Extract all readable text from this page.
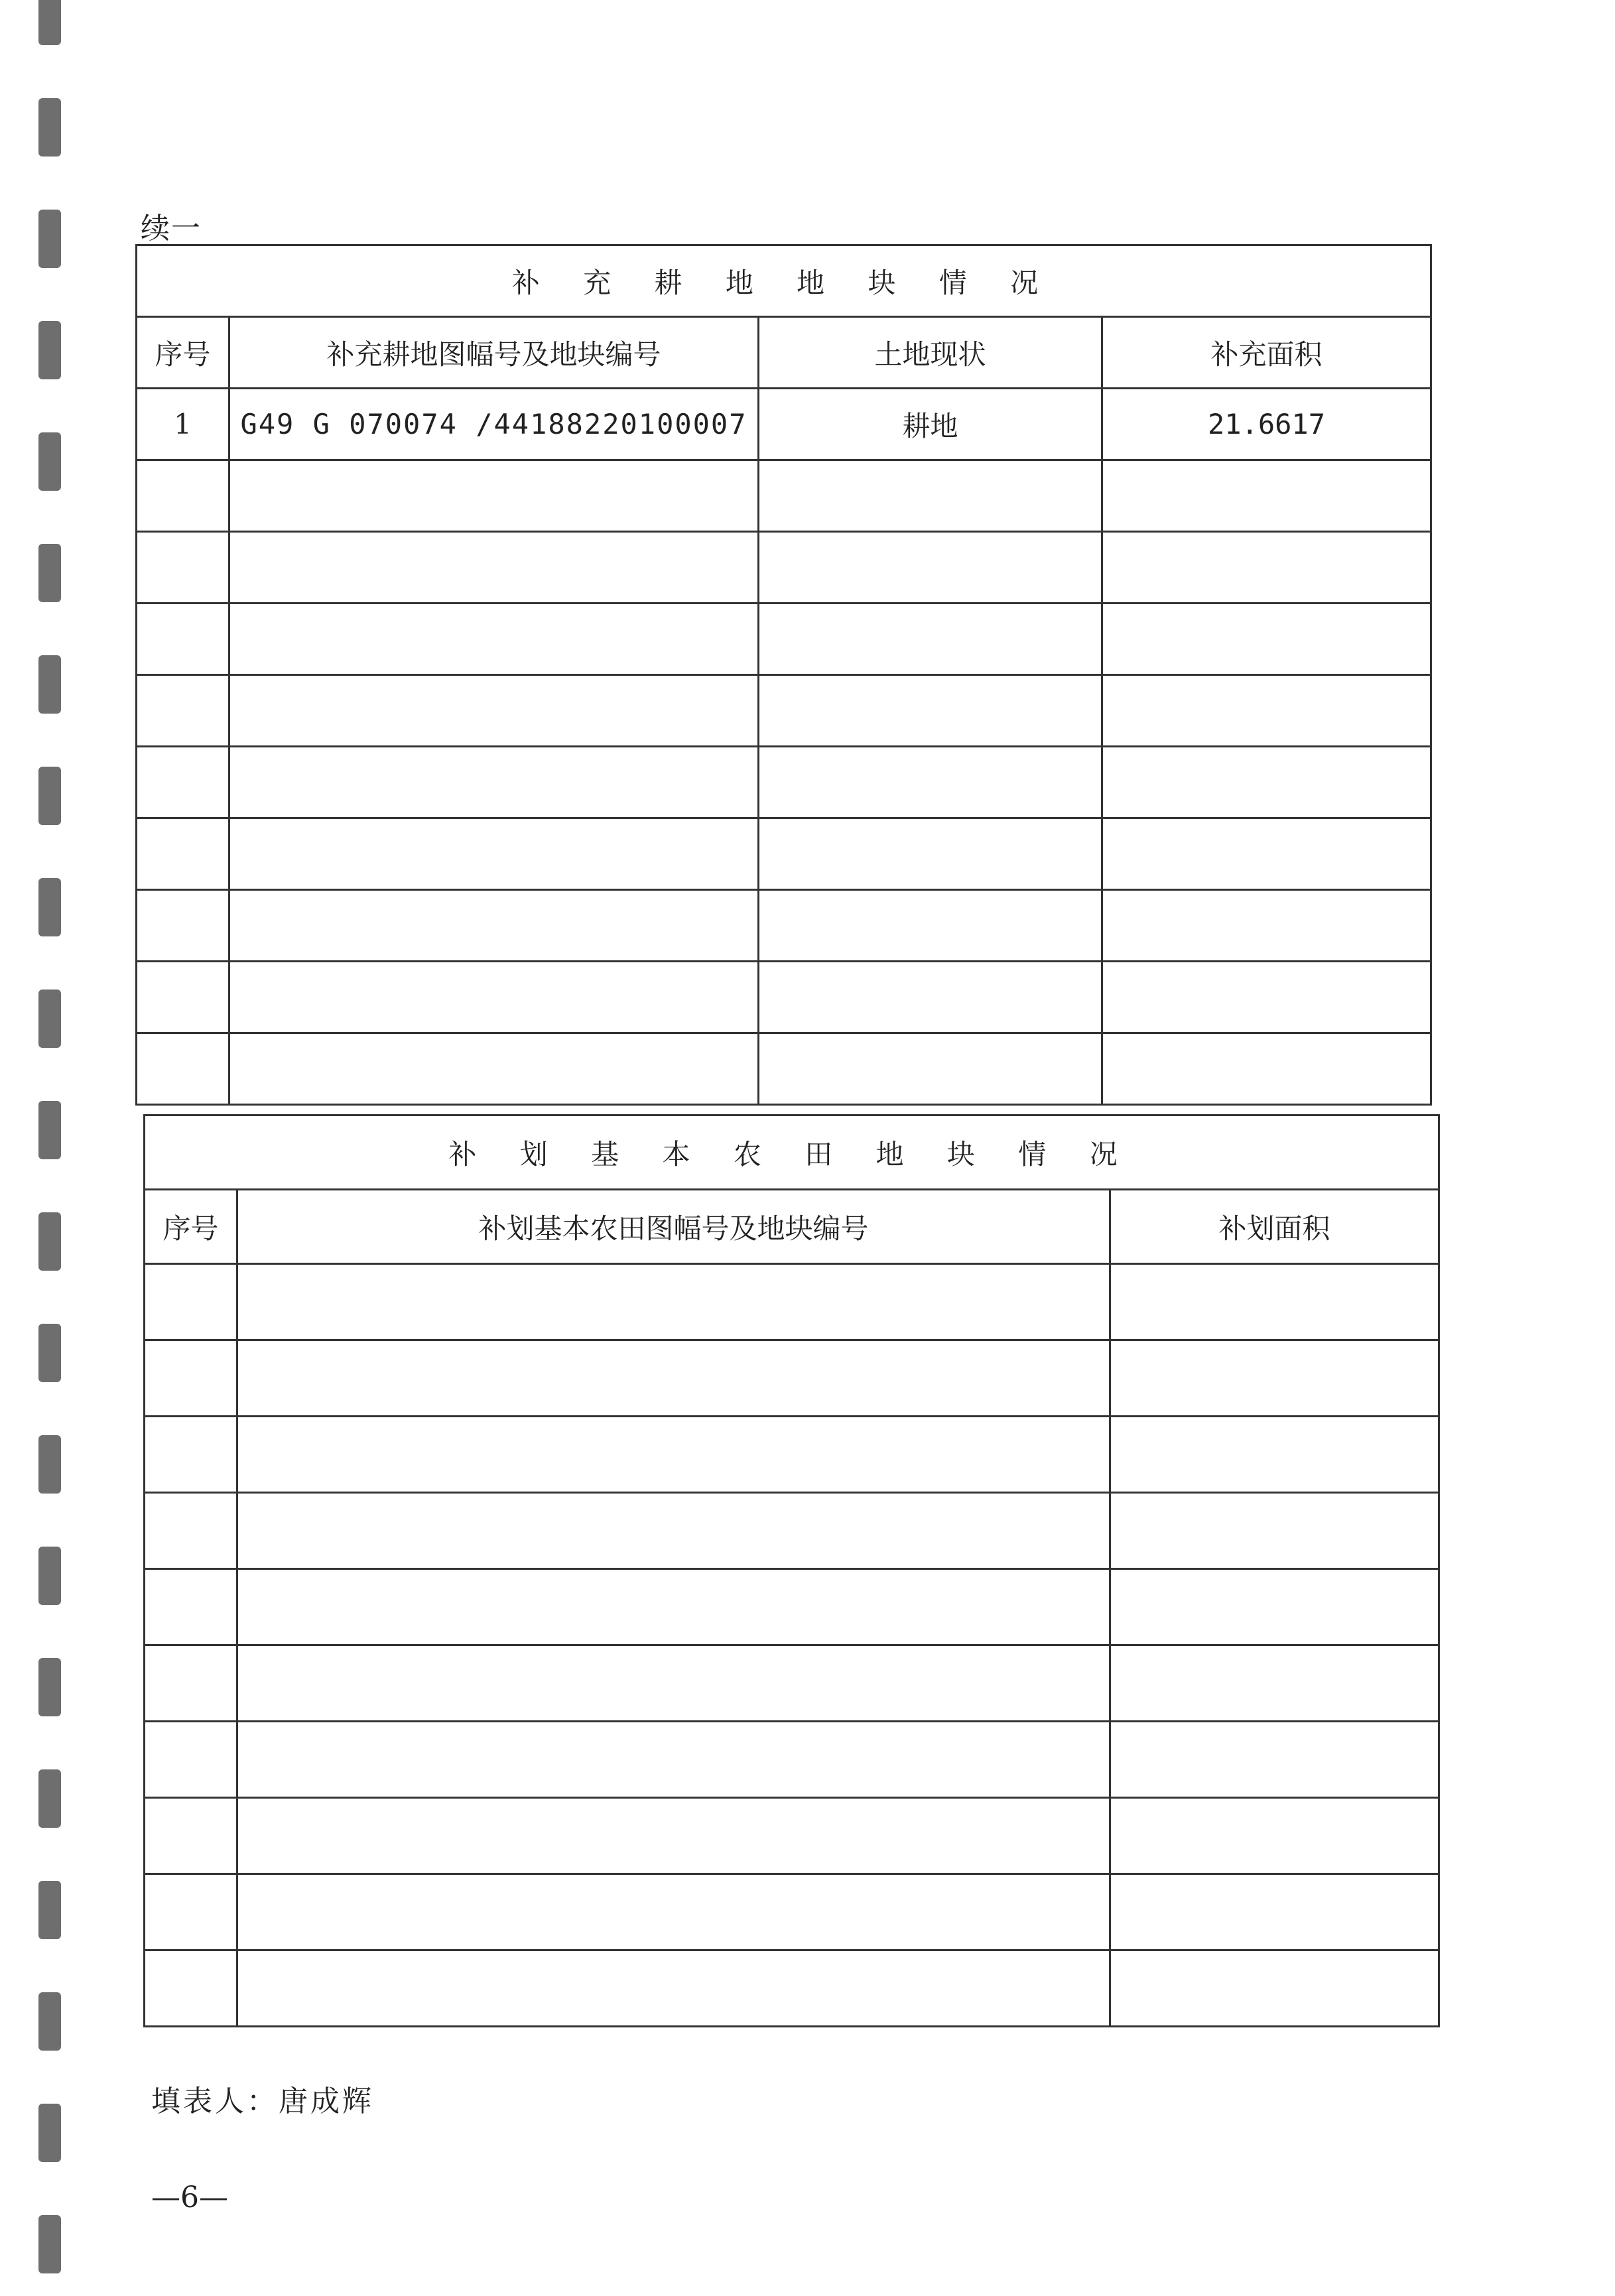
续一
补 充 耕 地 地 块 情 况			
序号	补充耕地图幅号及地块编号	土地现状	补充面积
1	G49 G 070074 /44188220100007	耕地	21.6617

补 划 基 本 农 田 地 块 情 况		
序号	补划基本农田图幅号及地块编号	补划面积

填表人：唐成辉
—6—
